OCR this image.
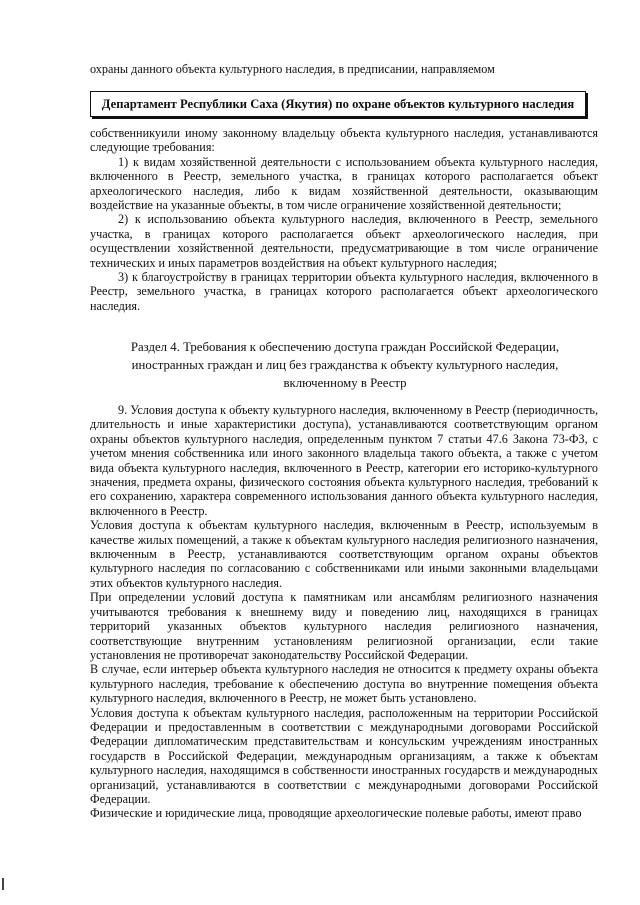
охраны данного объекта культурного наследия, в предписании, направляемом

Департамент Республики Саха (Якутия) по охране объектов культурного наследия

собственникуили иному законному владельцу объекта культурного наследия, устанавливаются следующие требования:

1) к видам хозяйственной деятельности с использованием объекта культурного наследия, включенного в Реестр, земельного участка, в границах которого располагается объект археологического наследия, либо к видам хозяйственной деятельности, оказывающим воздействие на указанные объекты, в том числе ограничение хозяйственной деятельности;

2) к использованию объекта культурного наследия, включенного в Реестр, земельного участка, в границах которого располагается объект археологического наследия, при осуществлении хозяйственной деятельности, предусматривающие в том числе ограничение технических и иных параметров воздействия на объект культурного наследия;

3) к благоустройству в границах территории объекта культурного наследия, включенного в Реестр, земельного участка, в границах которого располагается объект археологического наследия.

Раздел 4. Требования к обеспечению доступа граждан Российской Федерации,

иностранных граждан и лиц без гражданства к объекту культурного наследия,

включенному в Реестр

9. Условия доступа к объекту культурного наследия, включенному в Реестр (периодичность, длительность и иные характеристики доступа), устанавливаются соответствующим органом охраны объектов культурного наследия, определенным пунктом 7 статьи 47.6 Закона 73-ФЗ, с учетом мнения собственника или иного законного владельца такого объекта, а также с учетом вида объекта культурного наследия, включенного в Реестр, категории его историко-культурного значения, предмета охраны, физического состояния объекта культурного наследия, требований к его сохранению, характера современного использования данного объекта культурного наследия, включенного в Реестр.

Условия доступа к объектам культурного наследия, включенным в Реестр, используемым в качестве жилых помещений, а также к объектам культурного наследия религиозного назначения, включенным в Реестр, устанавливаются соответствующим органом охраны объектов культурного наследия по согласованию с собственниками или иными законными владельцами этих объектов культурного наследия.

При определении условий доступа к памятникам или ансамблям религиозного назначения учитываются требования к внешнему виду и поведению лиц, находящихся в границах территорий указанных объектов культурного наследия религиозного назначения, соответствующие внутренним установлениям религиозной организации, если такие установления не противоречат законодательству Российской Федерации.

В случае, если интерьер объекта культурного наследия не относится к предмету охраны объекта культурного наследия, требование к обеспечению доступа во внутренние помещения объекта культурного наследия, включенного в Реестр, не может быть установлено.

Условия доступа к объектам культурного наследия, расположенным на территории Российской Федерации и предоставленным в соответствии с международными договорами Российской Федерации дипломатическим представительствам и консульским учреждениям иностранных государств в Российской Федерации, международным организациям, а также к объектам культурного наследия, находящимся в собственности иностранных государств и международных организаций, устанавливаются в соответствии с международными договорами Российской Федерации.

Физические и юридические лица, проводящие археологические полевые работы, имеют право
